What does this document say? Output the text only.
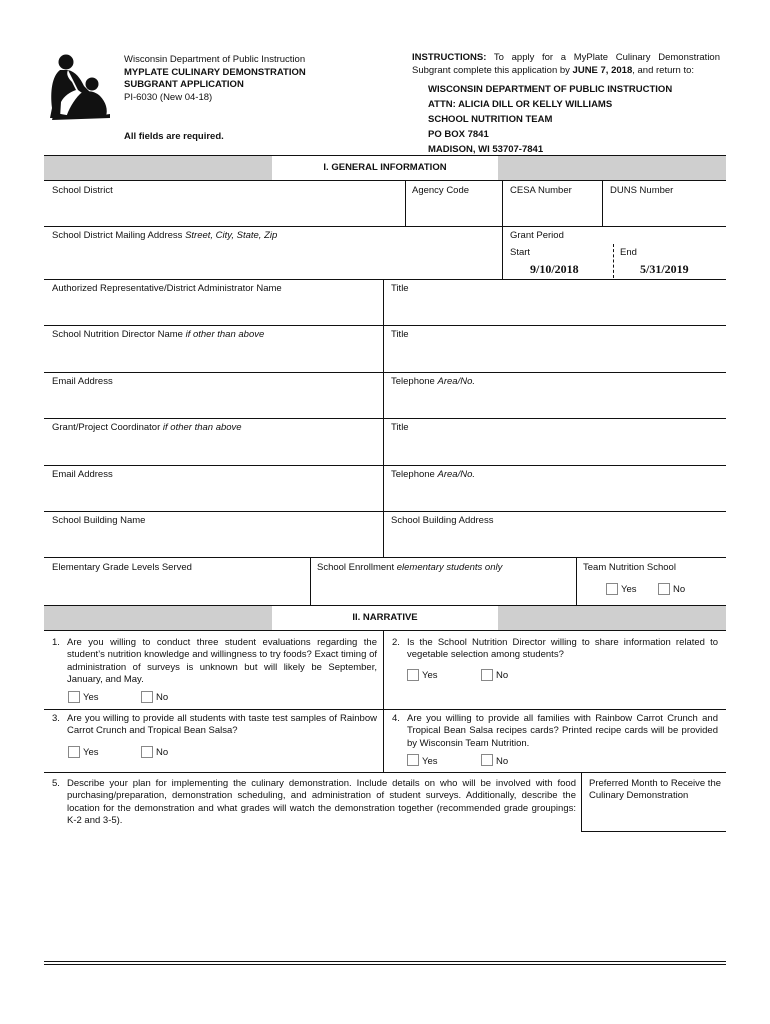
Wisconsin Department of Public Instruction
MYPLATE CULINARY DEMONSTRATION
SUBGRANT APPLICATION
PI-6030 (New 04-18)
All fields are required.
INSTRUCTIONS: To apply for a MyPlate Culinary Demonstration Subgrant complete this application by JUNE 7, 2018, and return to:
WISCONSIN DEPARTMENT OF PUBLIC INSTRUCTION
ATTN: ALICIA DILL OR KELLY WILLIAMS
SCHOOL NUTRITION TEAM
PO BOX 7841
MADISON, WI 53707-7841
I. GENERAL INFORMATION
School District	Agency Code	CESA Number	DUNS Number
School District Mailing Address Street, City, State, Zip	Grant Period
Start	End
9/10/2018	5/31/2019
Authorized Representative/District Administrator Name	Title
School Nutrition Director Name if other than above	Title
Email Address	Telephone Area/No.
Grant/Project Coordinator if other than above	Title
Email Address	Telephone Area/No.
School Building Name	School Building Address
Elementary Grade Levels Served	School Enrollment elementary students only	Team Nutrition School
Yes	No
II. NARRATIVE
1. Are you willing to conduct three student evaluations regarding the student’s nutrition knowledge and willingness to try foods? Exact timing of administration of surveys is unknown but will likely be September, January, and May.
Yes	No
2. Is the School Nutrition Director willing to share information related to vegetable selection among students?
Yes	No
3. Are you willing to provide all students with taste test samples of Rainbow Carrot Crunch and Tropical Bean Salsa?
Yes	No
4. Are you willing to provide all families with Rainbow Carrot Crunch and Tropical Bean Salsa recipes cards? Printed recipe cards will be provided by Wisconsin Team Nutrition.
Yes	No
5. Describe your plan for implementing the culinary demonstration. Include details on who will be involved with food purchasing/preparation, demonstration scheduling, and administration of student surveys. Additionally, describe the location for the demonstration and what grades will watch the demonstration together (recommended grade groupings: K-2 and 3-5).
Preferred Month to Receive the Culinary Demonstration
